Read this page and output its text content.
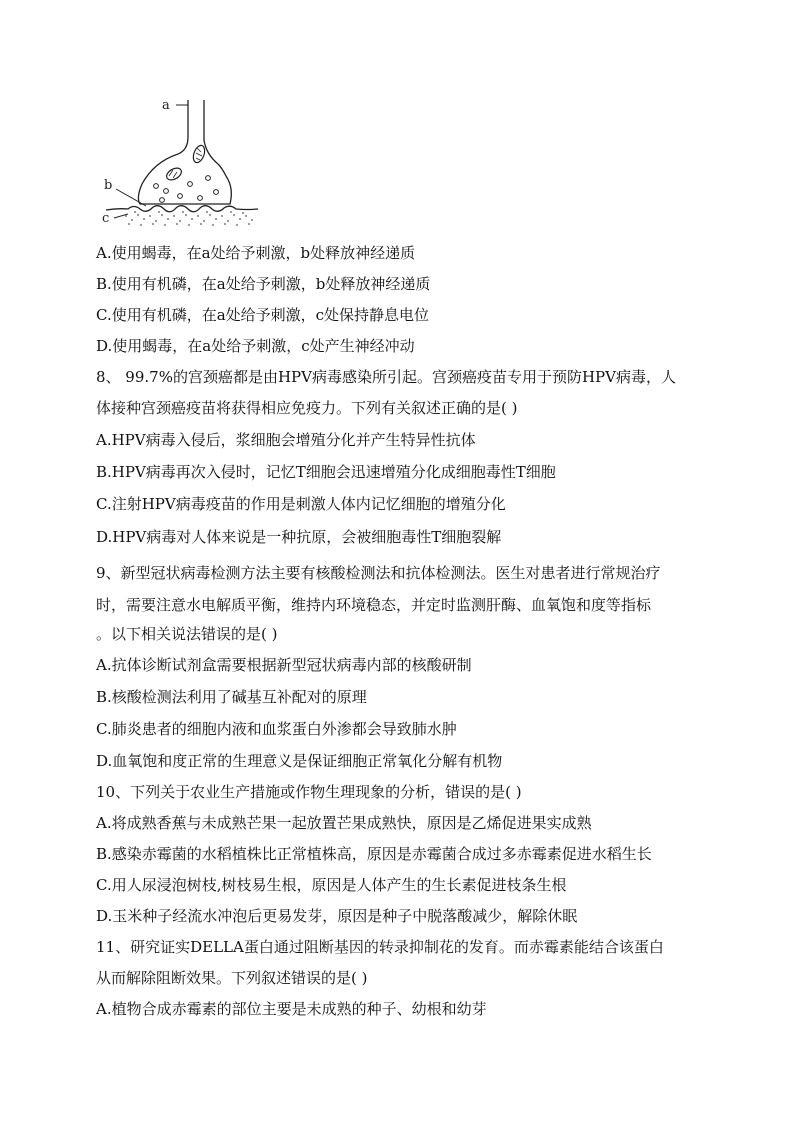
a
b
c
A.使用蝎毒，在a处给予刺激，b处释放神经递质
B.使用有机磷，在a处给予刺激，b处释放神经递质
C.使用有机磷，在a处给予刺激，c处保持静息电位
D.使用蝎毒，在a处给予刺激，c处产生神经冲动
8、 99.7%的宫颈癌都是由HPV病毒感染所引起。宫颈癌疫苗专用于预防HPV病毒，人
体接种宫颈癌疫苗将获得相应免疫力。下列有关叙述正确的是( )
A.HPV病毒入侵后，浆细胞会增殖分化并产生特异性抗体
B.HPV病毒再次入侵时，记忆T细胞会迅速增殖分化成细胞毒性T细胞
C.注射HPV病毒疫苗的作用是刺激人体内记忆细胞的增殖分化
D.HPV病毒对人体来说是一种抗原，会被细胞毒性T细胞裂解
9、新型冠状病毒检测方法主要有核酸检测法和抗体检测法。医生对患者进行常规治疗
时，需要注意水电解质平衡，维持内环境稳态，并定时监测肝酶、血氧饱和度等指标
。以下相关说法错误的是( )
A.抗体诊断试剂盒需要根据新型冠状病毒内部的核酸研制
B.核酸检测法利用了碱基互补配对的原理
C.肺炎患者的细胞内液和血浆蛋白外渗都会导致肺水肿
D.血氧饱和度正常的生理意义是保证细胞正常氧化分解有机物
10、下列关于农业生产措施或作物生理现象的分析，错误的是( )
A.将成熟香蕉与未成熟芒果一起放置芒果成熟快，原因是乙烯促进果实成熟
B.感染赤霉菌的水稻植株比正常植株高，原因是赤霉菌合成过多赤霉素促进水稻生长
C.用人尿浸泡树枝,树枝易生根，原因是人体产生的生长素促进枝条生根
D.玉米种子经流水冲泡后更易发芽，原因是种子中脱落酸减少，解除休眠
11、研究证实DELLA蛋白通过阻断基因的转录抑制花的发育。而赤霉素能结合该蛋白
从而解除阻断效果。下列叙述错误的是( )
A.植物合成赤霉素的部位主要是未成熟的种子、幼根和幼芽
